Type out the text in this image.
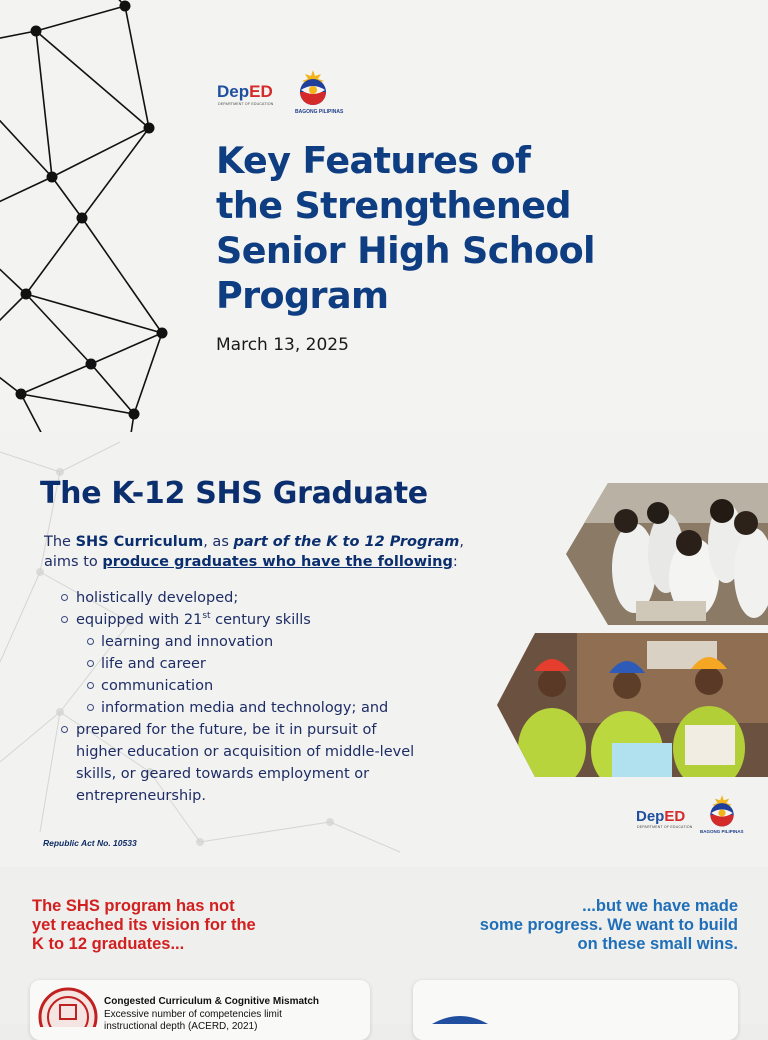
DepED
DEPARTMENT OF EDUCATION
BAGONG PILIPINAS
Key Features of
the Strengthened
Senior High School
Program
March 13, 2025
The K-12 SHS Graduate
The SHS Curriculum, as part of the K to 12 Program,
aims to produce graduates who have the following:
holistically developed;
equipped with 21st century skills
learning and innovation
life and career
communication
information media and technology; and
prepared for the future, be it in pursuit of
higher education or acquisition of middle-level
skills, or geared towards employment or
entrepreneurship.
Republic Act No. 10533
DepED
DEPARTMENT OF EDUCATION
BAGONG PILIPINAS
The SHS program has not
yet reached its vision for the
K to 12 graduates...
...but we have made
some progress. We want to build
on these small wins.
Congested Curriculum & Cognitive Mismatch
Excessive number of competencies limit
instructional depth (ACERD, 2021)
